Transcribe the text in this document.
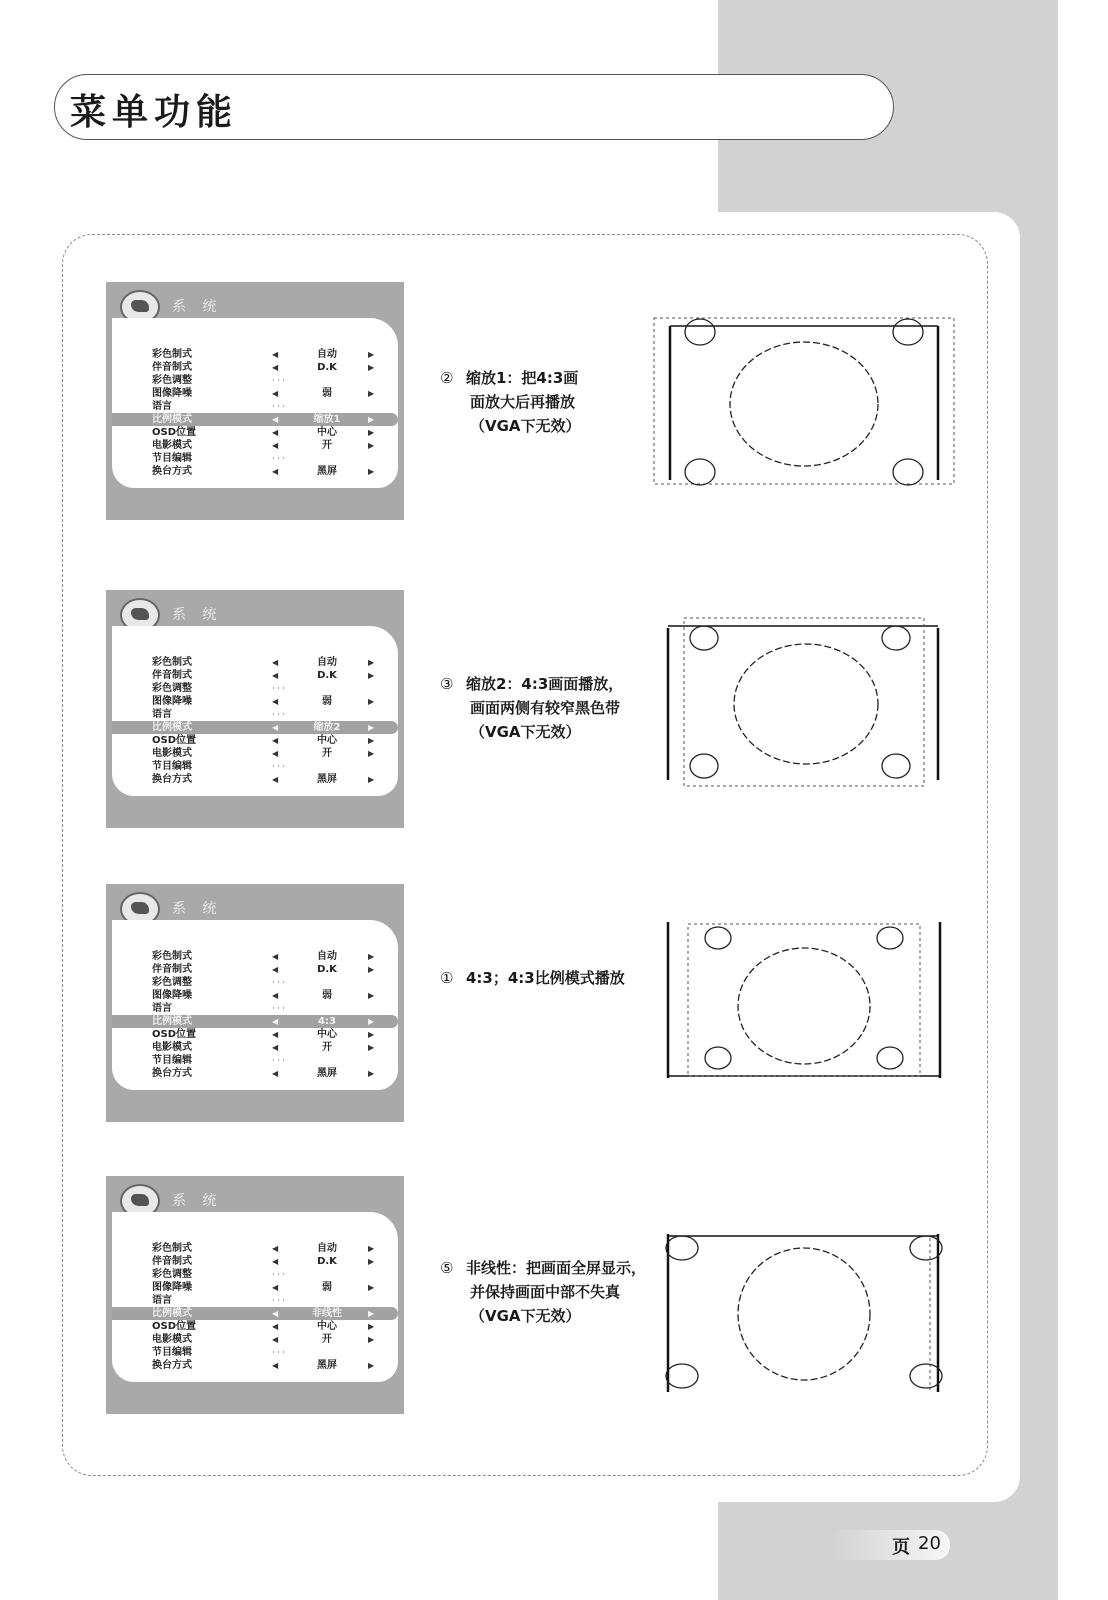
菜单功能
系 统
彩色制式	◀	自动	▶
伴音制式	◀	D.K	▶
彩色调整	· · ·
图像降噪	◀	弱	▶
语言	· · ·
比例模式	◀	缩放1	▶
OSD位置	◀	中心	▶
电影模式	◀	开	▶
节目编辑	· · ·
换台方式	◀	黑屏	▶
② 缩放1：把4:3画
面放大后再播放
（VGA下无效）
系 统
彩色制式	◀	自动	▶
伴音制式	◀	D.K	▶
彩色调整	· · ·
图像降噪	◀	弱	▶
语言	· · ·
比例模式	◀	缩放2	▶
OSD位置	◀	中心	▶
电影模式	◀	开	▶
节目编辑	· · ·
换台方式	◀	黑屏	▶
③ 缩放2：4:3画面播放，
画面两侧有较窄黑色带
（VGA下无效）
系 统
彩色制式	◀	自动	▶
伴音制式	◀	D.K	▶
彩色调整	· · ·
图像降噪	◀	弱	▶
语言	· · ·
比例模式	◀	4:3	▶
OSD位置	◀	中心	▶
电影模式	◀	开	▶
节目编辑	· · ·
换台方式	◀	黑屏	▶
① 4:3；4:3比例模式播放
系 统
彩色制式	◀	自动	▶
伴音制式	◀	D.K	▶
彩色调整	· · ·
图像降噪	◀	弱	▶
语言	· · ·
比例模式	◀	非线性	▶
OSD位置	◀	中心	▶
电影模式	◀	开	▶
节目编辑	· · ·
换台方式	◀	黑屏	▶
⑤ 非线性：把画面全屏显示，
并保持画面中部不失真
（VGA下无效）
页 20
